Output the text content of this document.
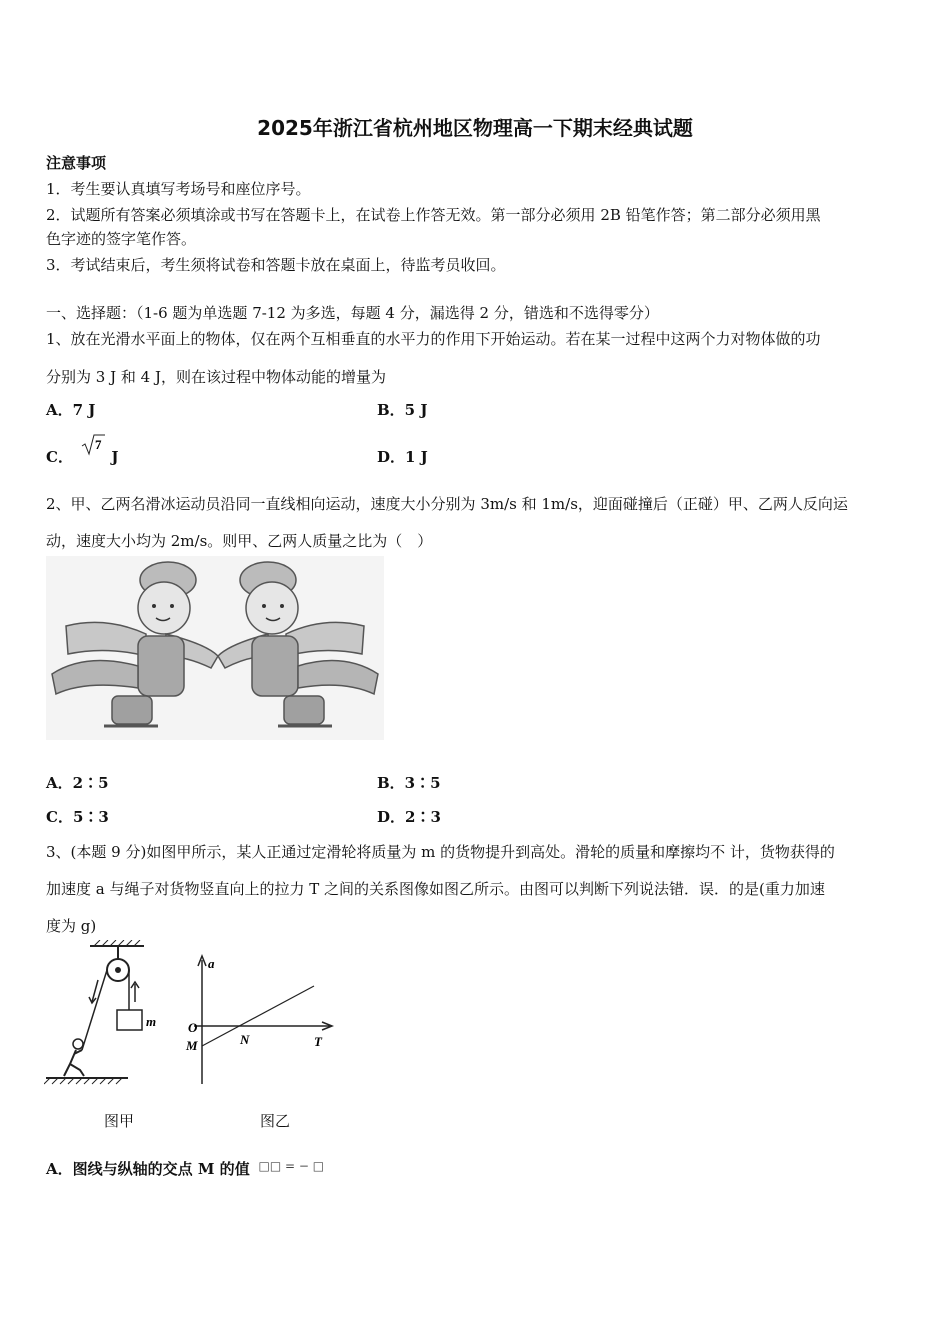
2025年浙江省杭州地区物理高一下期末经典试题
注意事项
1．考生要认真填写考场号和座位序号。
2．试题所有答案必须填涂或书写在答题卡上，在试卷上作答无效。第一部分必须用 2B 铅笔作答；第二部分必须用黑
色字迹的签字笔作答。
3．考试结束后，考生须将试卷和答题卡放在桌面上，待监考员收回。
一、选择题：（1-6 题为单选题 7-12 为多选，每题 4 分，漏选得 2 分，错选和不选得零分）
1、放在光滑水平面上的物体，仅在两个互相垂直的水平力的作用下开始运动。若在某一过程中这两个力对物体做的功
分别为 3 J 和 4 J，则在该过程中物体动能的增量为
A．7 J	B．5 J
C．
7
J	D．1 J
2、甲、乙两名滑冰运动员沿同一直线相向运动，速度大小分别为 3m/s 和 1m/s，迎面碰撞后（正碰）甲、乙两人反向运
动，速度大小均为 2m/s。则甲、乙两人质量之比为（　）
A．2∶5	B．3∶5
C．5∶3	D．2∶3
3、(本题 9 分)如图甲所示，某人正通过定滑轮将质量为 m 的货物提升到高处。滑轮的质量和摩擦均不 计，货物获得的
加速度 a 与绳子对货物竖直向上的拉力 T 之间的关系图像如图乙所示。由图可以判断下列说法错．误．的是(重力加速
度为 g)
m
a
T
O
M	N
图甲	图乙
A．图线与纵轴的交点 M 的值 □□ = − □
